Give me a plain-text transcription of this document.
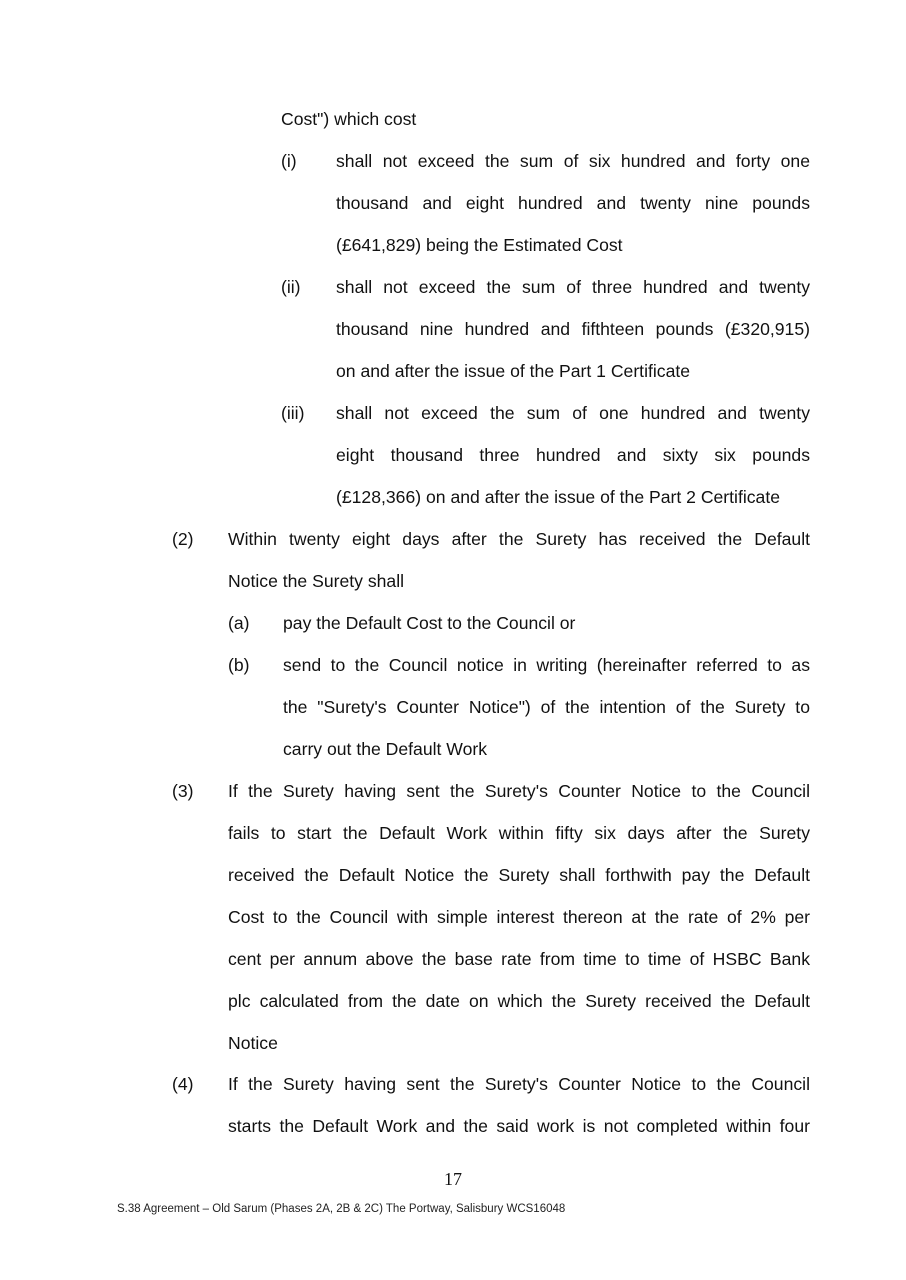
Cost") which cost
(i) shall not exceed the sum of six hundred and forty one
thousand and eight hundred and twenty nine pounds
(£641,829) being the Estimated Cost
(ii) shall not exceed the sum of three hundred and twenty
thousand nine hundred and fifthteen pounds (£320,915)
on and after the issue of the Part 1 Certificate
(iii) shall not exceed the sum of one hundred and twenty
eight thousand three hundred and sixty six pounds
(£128,366) on and after the issue of the Part 2 Certificate
(2) Within twenty eight days after the Surety has received the Default
Notice the Surety shall
(a) pay the Default Cost to the Council or
(b) send to the Council notice in writing (hereinafter referred to as
the "Surety's Counter Notice") of the intention of the Surety to
carry out the Default Work
(3) If the Surety having sent the Surety's Counter Notice to the Council
fails to start the Default Work within fifty six days after the Surety
received the Default Notice the Surety shall forthwith pay the Default
Cost to the Council with simple interest thereon at the rate of 2% per
cent per annum above the base rate from time to time of HSBC Bank
plc calculated from the date on which the Surety received the Default
Notice
(4) If the Surety having sent the Surety's Counter Notice to the Council
starts the Default Work and the said work is not completed within four
17
S.38 Agreement – Old Sarum (Phases 2A, 2B & 2C) The Portway, Salisbury WCS16048
